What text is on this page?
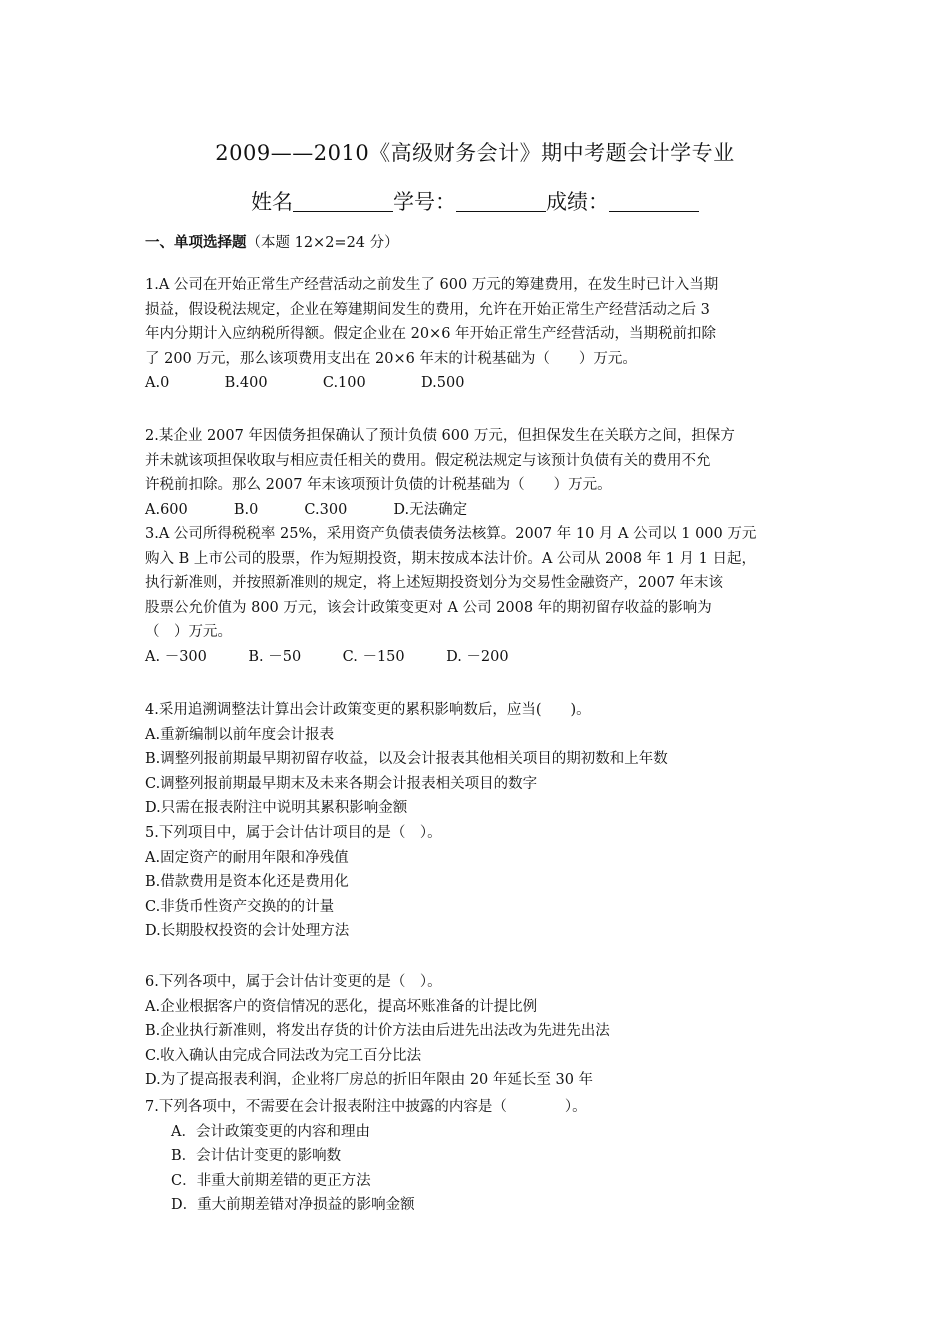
2009——2010《高级财务会计》期中考题会计学专业
姓名	学号：	成绩：
一、单项选择题（本题 12×2=24 分）

1.A 公司在开始正常生产经营活动之前发生了 600 万元的筹建费用，在发生时已计入当期

损益，假设税法规定，企业在筹建期间发生的费用，允许在开始正常生产经营活动之后 3

年内分期计入应纳税所得额。假定企业在 20×6 年开始正常生产经营活动，当期税前扣除

了 200 万元，那么该项费用支出在 20×6 年末的计税基础为（　　）万元。

A.0            B.400            C.100            D.500

2.某企业 2007 年因债务担保确认了预计负债 600 万元，但担保发生在关联方之间，担保方

并未就该项担保收取与相应责任相关的费用。假定税法规定与该预计负债有关的费用不允

许税前扣除。那么 2007 年末该项预计负债的计税基础为（　　）万元。

A.600          B.0          C.300          D.无法确定

3.A 公司所得税税率 25%，采用资产负债表债务法核算。2007 年 10 月 A 公司以 1 000 万元

购入 B 上市公司的股票，作为短期投资，期末按成本法计价。A 公司从 2008 年 1 月 1 日起，

执行新准则，并按照新准则的规定，将上述短期投资划分为交易性金融资产，2007 年末该

股票公允价值为 800 万元，该会计政策变更对 A 公司 2008 年的期初留存收益的影响为

（　）万元。

A. －300         B. －50         C. －150         D. －200

4.采用追溯调整法计算出会计政策变更的累积影响数后，应当(　　)。

A.重新编制以前年度会计报表

B.调整列报前期最早期初留存收益，以及会计报表其他相关项目的期初数和上年数

C.调整列报前期最早期末及未来各期会计报表相关项目的数字

D.只需在报表附注中说明其累积影响金额

5.下列项目中，属于会计估计项目的是（　）。

A.固定资产的耐用年限和净残值

B.借款费用是资本化还是费用化

C.非货币性资产交换的的计量

D.长期股权投资的会计处理方法

6.下列各项中，属于会计估计变更的是（　）。

A.企业根据客户的资信情况的恶化，提高坏账准备的计提比例

B.企业执行新准则，将发出存货的计价方法由后进先出法改为先进先出法

C.收入确认由完成合同法改为完工百分比法

D.为了提高报表利润，企业将厂房总的折旧年限由 20 年延长至 30 年

7.下列各项中，不需要在会计报表附注中披露的内容是（　　　　）。

A．会计政策变更的内容和理由

B．会计估计变更的影响数

C．非重大前期差错的更正方法

D．重大前期差错对净损益的影响金额
